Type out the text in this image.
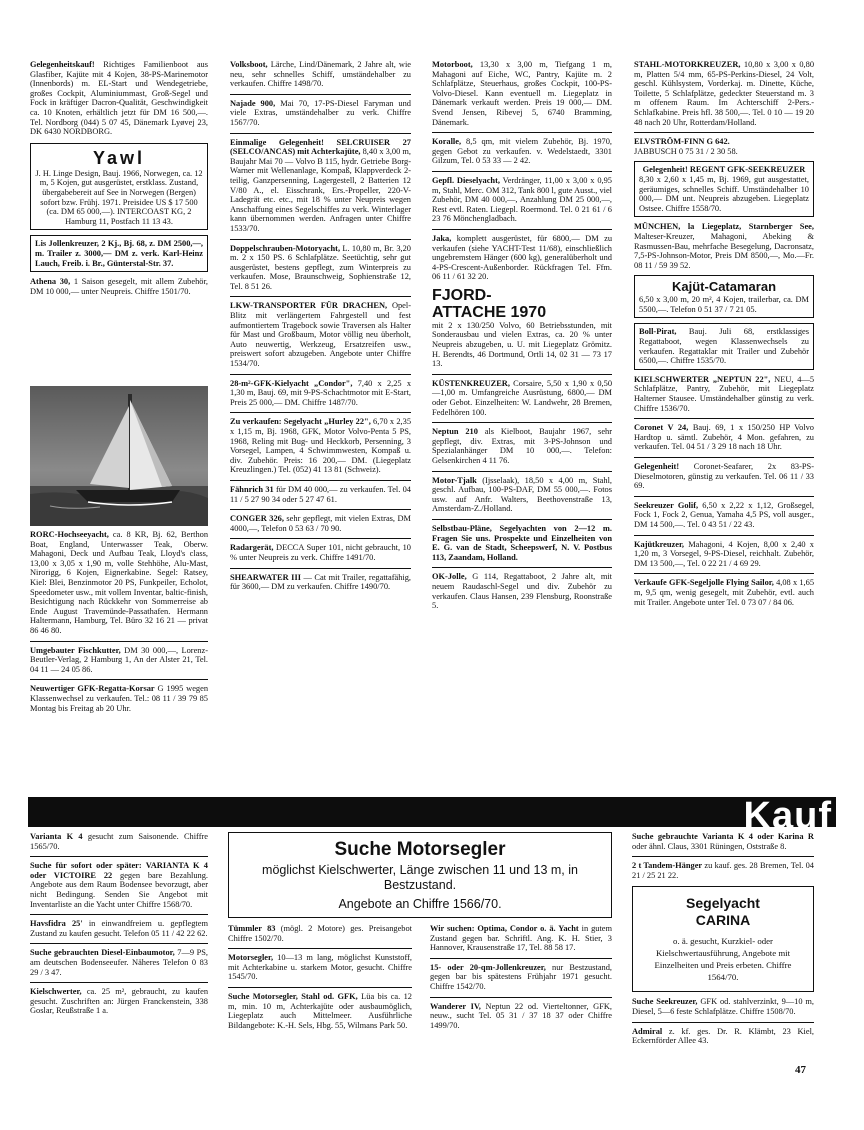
Gelegenheitskauf! Richtiges Familienboot aus Glasfiber, Kajüte mit 4 Kojen, 38-PS-Marinemotor (Innenbords) m. EL-Start und Wendegetriebe, großes Cockpit, Aluminiummast, Groß-Segel und Fock in kräftiger Dacron-Qualität, Geschwindigkeit ca. 10 Knoten, erhältlich jetzt für DM 16 500,—. Tel. Nordborg (044) 5 07 45, Dänemark Lyøvej 23, DK 6430 NORDBORG.
Yawl
J. H. Linge Design, Bauj. 1966, Norwegen, ca. 12 m, 5 Kojen, gut ausgerüstet, erstklass. Zustand, übergabebereit auf See in Norwegen (Bergen) sofort bzw. Frühj. 1971. Preisidee US $ 17 500 (ca. DM 65 000,—). INTERCOAST KG, 2 Hamburg 11, Postfach 11 13 43.
Lis Jollenkreuzer, 2 Kj., Bj. 68, z. DM 2500,—, m. Trailer z. 3000,— DM z. verk. Karl-Heinz Lauch, Freib. i. Br., Günterstal-Str. 37.
Athena 30, 1 Saison gesegelt, mit allem Zubehör, DM 10 000,— unter Neupreis. Chiffre 1501/70.
RORC-Hochseeyacht, ca. 8 KR, Bj. 62, Berthon Boat, England, Unterwasser Teak, Oberw. Mahagoni, Deck und Aufbau Teak, Lloyd's class, 13,00 x 3,05 x 1,90 m, volle Stehhöhe, Alu-Mast, Nirorigg, 6 Kojen, Eignerkabine. Segel: Ratsey, Kiel: Blei, Benzinmotor 20 PS, Funkpeiler, Echolot, Speedometer usw., mit vollem Inventar, baltic-finish, Besichtigung nach Rückkehr von Sommerreise ab Ende August Travemünde-Passathafen. Hermann Haltermann, Hamburg, Tel. Büro 32 16 21 — privat 86 46 80.
Umgebauter Fischkutter, DM 30 000,—, Lorenz-Beutler-Verlag, 2 Hamburg 1, An der Alster 21, Tel. 04 11 — 24 05 86.
Neuwertiger GFK-Regatta-Korsar G 1995 wegen Klassenwechsel zu verkaufen. Tel.: 08 11 / 39 79 85 Montag bis Freitag ab 20 Uhr.
Volksboot, Lärche, Lind/Dänemark, 2 Jahre alt, wie neu, sehr schnelles Schiff, umständehalber zu verkaufen. Chiffre 1498/70.
Najade 900, Mai 70, 17-PS-Diesel Faryman und viele Extras, umständehalber zu verk. Chiffre 1567/70.
Einmalige Gelegenheit! SELCRUISER 27 (SELCO/ANCAS) mit Achterkajüte, 8,40 x 3,00 m, Baujahr Mai 70 — Volvo B 115, hydr. Getriebe Borg-Warner mit Wellenanlage, Kompaß, Klappverdeck 2-teilig, Ganzpersenning, Lagergestell, 2 Batterien 12 V/80 A., el. Eisschrank, Ers.-Propeller, 220-V-Ladegrät etc. etc., mit 18 % unter Neupreis wegen Anschaffung eines Segelschiffes zu verk. Winterlager kann übernommen werden. Anfragen unter Chiffre 1533/70.
Doppelschrauben-Motoryacht, L. 10,80 m, Br. 3,20 m. 2 x 150 PS. 6 Schlafplätze. Seetüchtig, sehr gut ausgerüstet, bestens gepflegt, zum Winterpreis zu verkaufen. Mose, Braunschweig, Sophienstraße 12, Tel. 8 51 26.
LKW-TRANSPORTER FÜR DRACHEN, Opel-Blitz mit verlängertem Fahrgestell und fest aufmontiertem Tragebock sowie Traversen als Halter für Mast und Großbaum, Motor völlig neu überholt, Auto neuwertig, Werkzeug, Ersatzreifen usw., preiswert sofort abzugeben. Angebote unter Chiffre 1534/70.
28-m²-GFK-Kielyacht „Condor", 7,40 x 2,25 x 1,30 m, Bauj. 69, mit 9-PS-Schachtmotor mit E-Start, Preis 25 000,— DM. Chiffre 1487/70.
Zu verkaufen: Segelyacht „Hurley 22", 6,70 x 2,35 x 1,15 m, Bj. 1968, GFK, Motor Volvo-Penta 5 PS, 1968, Reling mit Bug- und Heckkorb, Persenning, 3 Vorsegel, Lampen, 4 Schwimmwesten, Kompaß u. div. Zubehör. Preis: 16 200,— DM. (Liegeplatz Kreuzlingen.) Tel. (052) 41 13 81 (Schweiz).
Fähnrich 31 für DM 40 000,— zu verkaufen. Tel. 04 11 / 5 27 90 34 oder 5 27 47 61.
CONGER 326, sehr gepflegt, mit vielen Extras, DM 4000,—, Telefon 0 53 63 / 70 90.
Radargerät, DECCA Super 101, nicht gebraucht, 10 % unter Neupreis zu verk. Chiffre 1491/70.
SHEARWATER III — Cat mit Trailer, regattafähig, für 3600,— DM zu verkaufen. Chiffre 1490/70.
Motorboot, 13,30 x 3,00 m, Tiefgang 1 m, Mahagoni auf Eiche, WC, Pantry, Kajüte m. 2 Schlafplätze, Steuerhaus, großes Cockpit, 100-PS-Volvo-Diesel. Kann eventuell m. Liegeplatz in Dänemark verkauft werden. Preis 19 000,— DM. Svend Jensen, Ribevej 5, 6740 Bramming, Dänemark.
Koralle, 8,5 qm, mit vielem Zubehör, Bj. 1970, gegen Gebot zu verkaufen. v. Wedelstaedt, 3301 Gilzum, Tel. 0 53 33 — 2 42.
Gepfl. Dieselyacht, Verdränger, 11,00 x 3,00 x 0,95 m, Stahl, Merc. OM 312, Tank 800 l, gute Ausst., viel Zubehör, DM 40 000,—, Anzahlung DM 25 000,—, Rest evtl. Raten. Liegepl. Roermond. Tel. 0 21 61 / 6 23 76 Mönchengladbach.
Jaka, komplett ausgerüstet, für 6800,— DM zu verkaufen (siehe YACHT-Test 11/68), einschließlich ungebremstem Hänger (600 kg), generalüberholt und 4-PS-Crescent-Außenborder. Rückfragen Tel. Ffm. 06 11 / 61 32 20.
FJORD-ATTACHE 1970
mit 2 x 130/250 Volvo, 60 Betriebsstunden, mit Sonderausbau und vielen Extras, ca. 20 % unter Neupreis abzugeben, u. U. mit Liegeplatz Grömitz. H. Berendts, 46 Dortmund, Ortli 14, 02 31 — 73 17 13.
KÜSTENKREUZER, Corsaire, 5,50 x 1,90 x 0,50—1,00 m. Umfangreiche Ausrüstung, 6800,— DM oder Gebot. Einzelheiten: W. Landwehr, 28 Bremen, Fedelhören 100.
Neptun 210 als Kielboot, Baujahr 1967, sehr gepflegt, div. Extras, mit 3-PS-Johnson und Spezialanhänger DM 10 000,—. Telefon: Gelsenkirchen 4 11 76.
Motor-Tjalk (Ijsselaak), 18,50 x 4,00 m, Stahl, geschl. Aufbau, 100-PS-DAF, DM 55 000,—. Fotos usw. auf Anfr. Walters, Beethovenstraße 13, Amsterdam-Z./Holland.
Selbstbau-Pläne, Segelyachten von 2—12 m. Fragen Sie uns. Prospekte und Einzelheiten von E. G. van de Stadt, Scheepswerf, N. V. Postbus 113, Zaandam, Holland.
OK-Jolle, G 114, Regattaboot, 2 Jahre alt, mit neuem Raudaschl-Segel und div. Zubehör zu verkaufen. Claus Hansen, 239 Flensburg, Roonstraße 5.
STAHL-MOTORKREUZER, 10,80 x 3,00 x 0,80 m, Platten 5/4 mm, 65-PS-Perkins-Diesel, 24 Volt, geschl. Kühlsystem, Vorderkaj. m. Dinette, Küche, Toilette, 5 Schlafplätze, gedeckter Steuerstand m. 3 m offenem Raum. Im Achterschiff 2-Pers.-Schlafkabine. Preis hfl. 38 500,—. Tel. 0 10 — 19 20 48 nach 20 Uhr, Rotterdam/Holland.
ELVSTRÖM-FINN G 642.
JABBUSCH 0 75 31 / 2 30 58.
Gelegenheit! REGENT GFK-SEEKREUZER
8,30 x 2,60 x 1,45 m, Bj. 1969, gut ausgestattet, geräumiges, schnelles Schiff. Umständehalber 10 000,— DM unt. Neupreis abzugeben. Liegeplatz Ostsee. Chiffre 1558/70.
MÜNCHEN, la Liegeplatz, Starnberger See, Malteser-Kreuzer, Mahagoni, Abeking & Rasmussen-Bau, mehrfache Besegelung, Dacronsatz, 7,5-PS-Johnson-Motor, Preis DM 8500,—, Mo.—Fr. 08 11 / 59 39 52.
Kajüt-Catamaran
6,50 x 3,00 m, 20 m², 4 Kojen, trailerbar, ca. DM 5500,—. Telefon 0 51 37 / 7 21 05.
Boll-Pirat, Bauj. Juli 68, erstklassiges Regattaboot, wegen Klassenwechsels zu verkaufen. Regattaklar mit Trailer und Zubehör 6500,—. Chiffre 1535/70.
KIELSCHWERTER „NEPTUN 22", NEU, 4—5 Schlafplätze, Pantry, Zubehör, mit Liegeplatz Halterner Stausee. Umständehalber günstig zu verk. Chiffre 1536/70.
Coronet V 24, Bauj. 69, 1 x 150/250 HP Volvo Hardtop u. sämtl. Zubehör, 4 Mon. gefahren, zu verkaufen. Tel. 04 51 / 3 29 18 nach 18 Uhr.
Gelegenheit! Coronet-Seafarer, 2x 83-PS-Dieselmotoren, günstig zu verkaufen. Tel. 06 11 / 33 69.
Seekreuzer Golif, 6,50 x 2,22 x 1,12, Großsegel, Fock 1, Fock 2, Genua, Yamaha 4,5 PS, voll ausger., DM 14 500,—. Tel. 0 43 51 / 22 43.
Kajütkreuzer, Mahagoni, 4 Kojen, 8,00 x 2,40 x 1,20 m, 3 Vorsegel, 9-PS-Diesel, reichhalt. Zubehör, DM 13 500,—, Tel. 0 22 21 / 4 69 29.
Verkaufe GFK-Segeljolle Flying Sailor, 4,08 x 1,65 m, 9,5 qm, wenig gesegelt, mit Zubehör, evtl. auch mit Trailer. Angebote unter Tel. 0 73 07 / 84 06.
Kauf
Varianta K 4 gesucht zum Saisonende. Chiffre 1565/70.
Suche für sofort oder später: VARIANTA K 4 oder VICTOIRE 22 gegen bare Bezahlung. Angebote aus dem Raum Bodensee bevorzugt, aber nicht Bedingung. Senden Sie Angebot mit Inventarliste an die Yacht unter Chiffre 1568/70.
Havsfidra 25' in einwandfreiem u. gepflegtem Zustand zu kaufen gesucht. Telefon 05 11 / 42 22 62.
Suche gebrauchten Diesel-Einbaumotor, 7—9 PS, am deutschen Bodenseeufer. Näheres Telefon 0 83 29 / 3 47.
Kielschwerter, ca. 25 m², gebraucht, zu kaufen gesucht. Zuschriften an: Jürgen Franckenstein, 338 Goslar, Reußstraße 1 a.
Suche Motorsegler
möglichst Kielschwerter, Länge zwischen 11 und 13 m, in Bestzustand.
Angebote an Chiffre 1566/70.
Tümmler 83 (mögl. 2 Motore) ges. Preisangebot Chiffre 1502/70.
Motorsegler, 10—13 m lang, möglichst Kunststoff, mit Achterkabine u. starkem Motor, gesucht. Chiffre 1545/70.
Suche Motorsegler, Stahl od. GFK, Lüa bis ca. 12 m, min. 10 m, Achterkajüte oder ausbaumöglich, Liegeplatz auch Mittelmeer. Ausführliche Bildangebote: K.-H. Sels, Hbg. 55, Wilmans Park 50.
Wir suchen: Optima, Condor o. ä. Yacht in gutem Zustand gegen bar. Schriftl. Ang. K. H. Stier, 3 Hannover, Krausenstraße 17, Tel. 88 58 17.
15- oder 20-qm-Jollenkreuzer, nur Bestzustand, gegen bar bis spätestens Frühjahr 1971 gesucht. Chiffre 1542/70.
Wanderer IV, Neptun 22 od. Vierteltonner, GFK, neuw., sucht Tel. 05 31 / 37 18 37 oder Chiffre 1499/70.
Suche gebrauchte Varianta K 4 oder Karina R oder ähnl. Claus, 3301 Rüningen, Oststraße 8.
2 t Tandem-Hänger zu kauf. ges. 28 Bremen, Tel. 04 21 / 25 21 22.
Segelyacht
CARINA
o. ä. gesucht, Kurzkiel- oder Kielschwertausführung, Angebote mit Einzelheiten und Preis erbeten. Chiffre 1564/70.
Suche Seekreuzer, GFK od. stahlverzinkt, 9—10 m, Diesel, 5—6 feste Schlafplätze. Chiffre 1508/70.
Admiral z. kf. ges. Dr. R. Klämbt, 23 Kiel, Eckernförder Allee 43.
47
